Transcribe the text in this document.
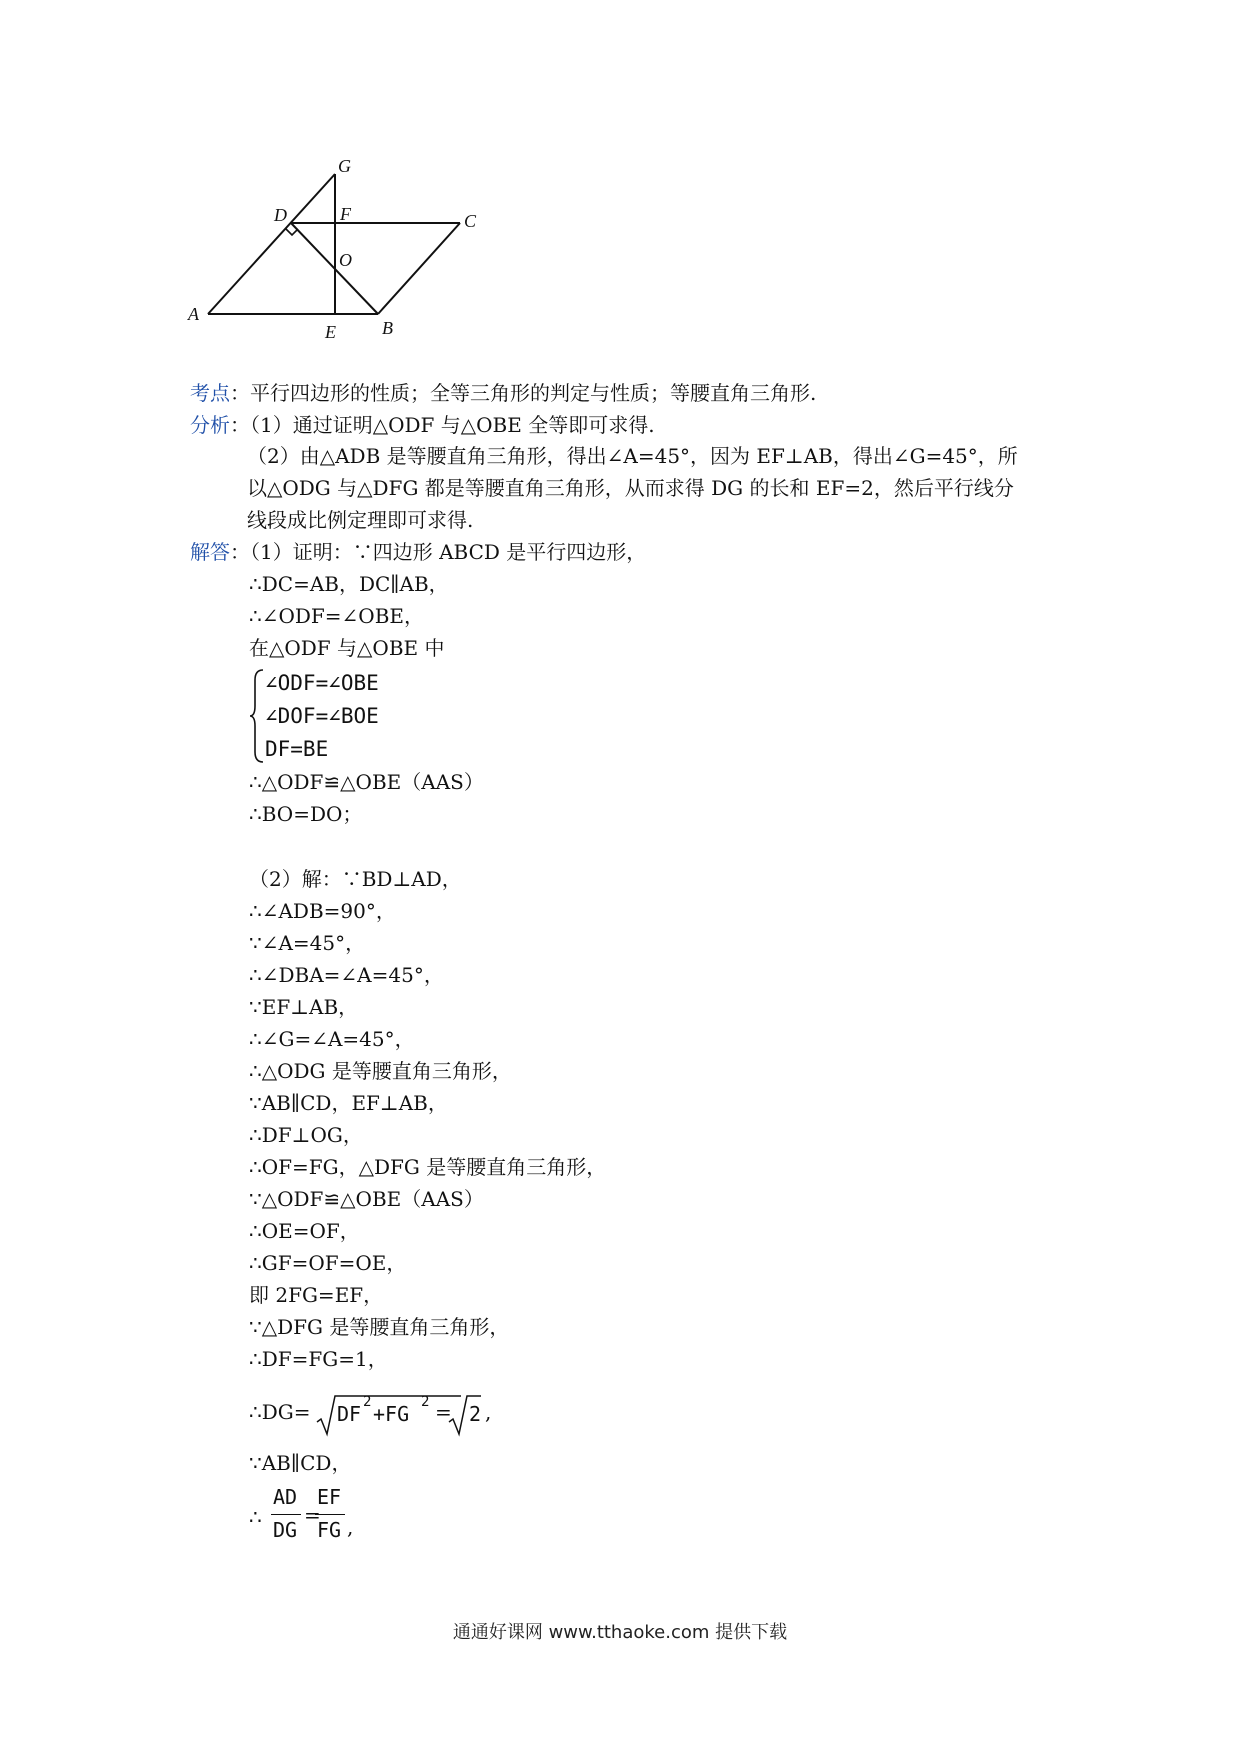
G
D	F	C
O
A
E	B
考点：平行四边形的性质；全等三角形的判定与性质；等腰直角三角形.
分析：（1）通过证明△ODF 与△OBE 全等即可求得.
（2）由△ADB 是等腰直角三角形，得出∠A=45°，因为 EF⊥AB，得出∠G=45°，所
以△ODG 与△DFG 都是等腰直角三角形，从而求得 DG 的长和 EF=2，然后平行线分
线段成比例定理即可求得.
解答：（1）证明：∵四边形 ABCD 是平行四边形，
∴DC=AB，DC∥AB，
∴∠ODF=∠OBE，
在△ODF 与△OBE 中
∠ODF=∠OBE
∠DOF=∠BOE
DF=BE
∴△ODF≌△OBE（AAS）
∴BO=DO；
（2）解：∵BD⊥AD，
∴∠ADB=90°，
∵∠A=45°，
∴∠DBA=∠A=45°，
∵EF⊥AB，
∴∠G=∠A=45°，
∴△ODG 是等腰直角三角形，
∵AB∥CD，EF⊥AB，
∴DF⊥OG，
∴OF=FG，△DFG 是等腰直角三角形，
∵△ODF≌△OBE（AAS）
∴OE=OF，
∴GF=OF=OE，
即 2FG=EF，
∵△DFG 是等腰直角三角形，
∴DF=FG=1，
∴DG= DF 2 +FG 2 = 2 ,
∵AB∥CD，
∴
AD
DG
=
EF
FG ,
通通好课网 www.tthaoke.com 提供下载
